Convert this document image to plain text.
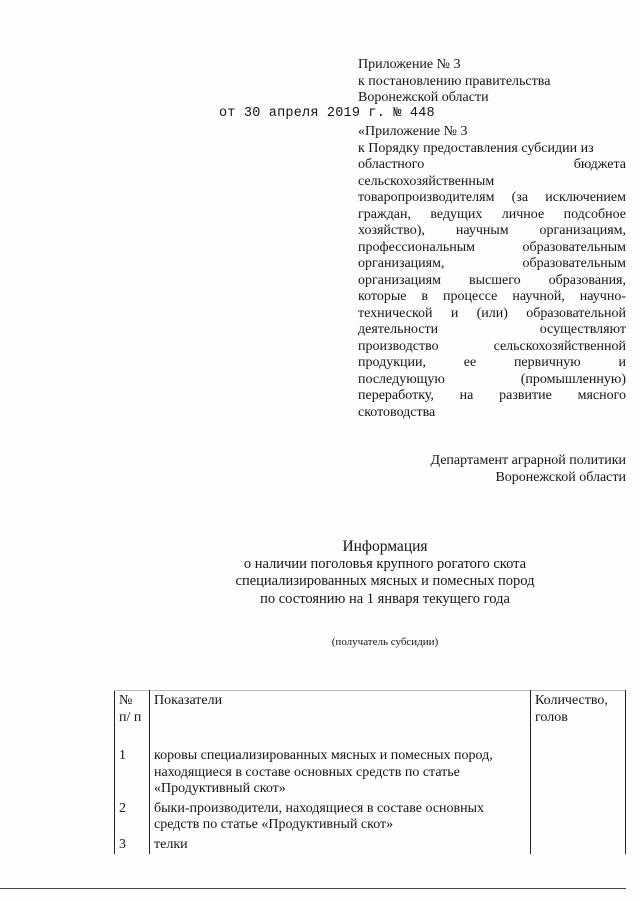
Приложение № 3
к постановлению правительства
Воронежской области
от 30 апреля 2019 г. № 448
«Приложение № 3
к Порядку предоставления субсидии из
областного бюджета
сельскохозяйственным
товаропроизводителям (за исключением
граждан, ведущих личное подсобное
хозяйство), научным организациям,
профессиональным образовательным
организациям, образовательным
организациям высшего образования,
которые в процессе научной, научно-
технической и (или) образовательной
деятельности осуществляют
производство сельскохозяйственной
продукции, ее первичную и
последующую (промышленную)
переработку, на развитие мясного
скотоводства
Департамент аграрной политики
Воронежской области
Информация
о наличии поголовья крупного рогатого скота
специализированных мясных и помесных пород
по состоянию на 1 января текущего года
(получатель субсидии)
№ п/ п	Показатели	Количество, голов
1	коровы специализированных мясных и помесных пород, находящиеся в составе основных средств по статье «Продуктивный скот»	
2	быки-производители, находящиеся в составе основных средств по статье «Продуктивный скот»	
3	телки	
